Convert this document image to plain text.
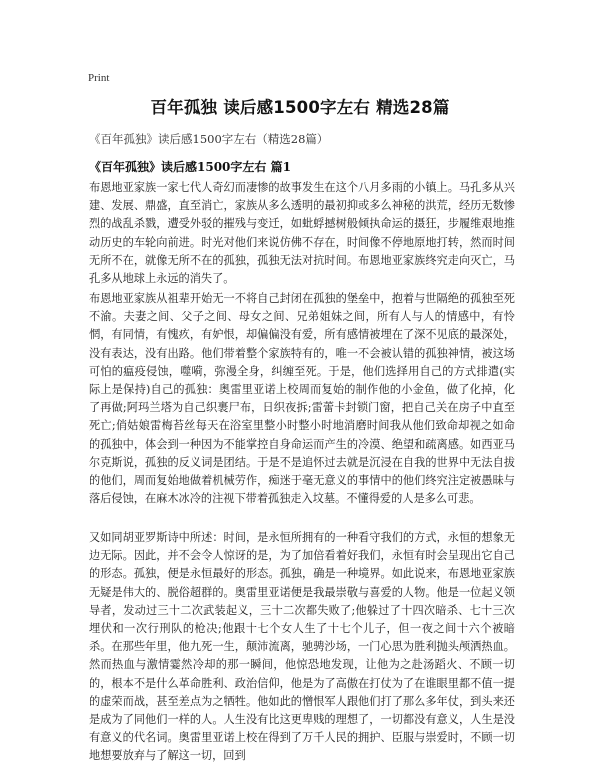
Print
百年孤独 读后感1500字左右 精选28篇
《百年孤独》读后感1500字左右（精选28篇）
《百年孤独》读后感1500字左右 篇1

布恩地亚家族一家七代人奇幻而凄惨的故事发生在这个八月多雨的小镇上。马孔多从兴建、发展、鼎盛，直至消亡，家族从多么透明的最初抑或多么神秘的洪荒，经历无数惨烈的战乱杀戮，遭受外驳的摧残与变迁，如蚍蜉撼树般倾执命运的摄狂，步履维艰地推动历史的车轮向前进。时光对他们来说仿佛不存在，时间像不停地原地打转，然而时间无所不在，就像无所不在的孤独，孤独无法对抗时间。布恩地亚家族终究走向灭亡，马孔多从地球上永远的消失了。

布恩地亚家族从祖辈开始无一不将自己封闭在孤独的堡垒中，抱着与世隔绝的孤独至死不渝。夫妻之间、父子之间、母女之间、兄弟姐妹之间，所有人与人的情感中，有怜惘，有同情，有愧疚，有妒恨，却偏偏没有爱，所有感情被埋在了深不见底的最深处，没有表达，没有出路。他们带着整个家族特有的，唯一不会被认错的孤独神情，被这场可怕的瘟疫侵蚀，噬嗬，弥漫全身，纠缠至死。于是，他们选择用自己的方式排遣(实际上是保持)自己的孤独：奥雷里亚诺上校周而复始的制作他的小金鱼，做了化掉，化了再做;阿玛兰塔为自己织裹尸布，日织夜拆;雷蕾卡封锁门窗，把自己关在房子中直至死亡;俏姑娘雷梅苔丝每天在浴室里整小时整小时地消磨时间我从他们致命却视之如命的孤独中，体会到一种因为不能掌控自身命运而产生的冷漠、绝望和疏离感。如西亚马尔克斯说，孤独的反义词是团结。于是不是追怀过去就是沉浸在自我的世界中无法自拔的他们，周而复始地做着机械劳作，痴迷于毫无意义的事情中的他们终究注定被愚昧与落后侵蚀，在麻木冰冷的注视下带着孤独走入坟墓。不懂得爱的人是多么可悲。

又如同胡亚罗斯诗中所述：时间，是永恒所拥有的一种看守我们的方式，永恒的想象无边无际。因此，并不会令人惊讶的是，为了加倍看着好我们，永恒有时会呈现出它自己的形态。孤独，便是永恒最好的形态。孤独，确是一种境界。如此说来，布恩地亚家族无疑是伟大的、脱俗超群的。奥雷里亚诺便是我最崇敬与喜爱的人物。他是一位起义领导者，发动过三十二次武装起义，三十二次都失败了;他躲过了十四次暗杀、七十三次埋伏和一次行刑队的枪决;他跟十七个女人生了十七个儿子，但一夜之间十六个被暗杀。在那些年里，他九死一生，颠沛流离，驰骋沙场，一门心思为胜利抛头颅洒热血。然而热血与激情霎然冷却的那一瞬间，他惊恐地发现，让他为之赴汤蹈火、不顾一切的，根本不是什么革命胜利、政治信仰，他是为了高傲在打仗为了在谁眼里都不值一提的虚荣而战，甚至差点为之牺牲。他如此的憎恨军人跟他们打了那么多年仗，到头来还是成为了同他们一样的人。人生没有比这更卑贱的理想了，一切都没有意义，人生是没有意义的代名词。奥雷里亚诺上校在得到了万千人民的拥护、臣服与崇爱时，不顾一切地想要放弃与了解这一切，回到
